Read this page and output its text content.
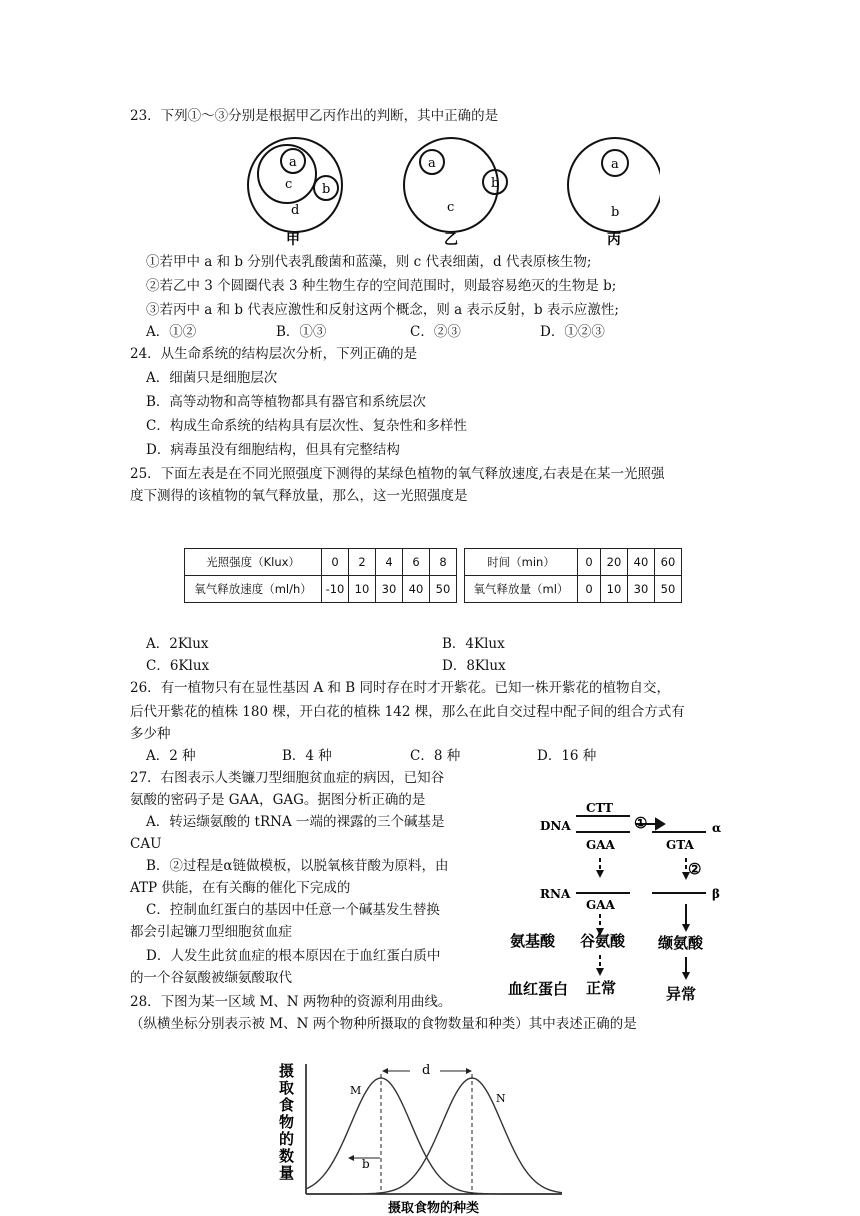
23．下列①～③分别是根据甲乙丙作出的判断，其中正确的是
a
c b
d
甲
a
c
b
乙
a
b
丙
①若甲中 a 和 b 分别代表乳酸菌和蓝藻，则 c 代表细菌，d 代表原核生物;
②若乙中 3 个圆圈代表 3 种生物生存的空间范围时，则最容易绝灭的生物是 b;
③若丙中 a 和 b 代表应激性和反射这两个概念，则 a 表示反射，b 表示应激性;
A．①②	B．①③	C．②③	D．①②③
24．从生命系统的结构层次分析，下列正确的是
A．细菌只是细胞层次
B．高等动物和高等植物都具有器官和系统层次
C．构成生命系统的结构具有层次性、复杂性和多样性
D．病毒虽没有细胞结构，但具有完整结构
25．下面左表是在不同光照强度下测得的某绿色植物的氧气释放速度,右表是在某一光照强
度下测得的该植物的氧气释放量，那么，这一光照强度是
光照强度（Klux）	0	2	4	6	8
氧气释放速度（ml/h）	-10	10	30	40	50
时间（min）	0	20	40	60
氧气释放量（ml）	0	10	30	50
A．2Klux	B．4Klux
C．6Klux	D．8Klux
26．有一植物只有在显性基因 A 和 B 同时存在时才开紫花。已知一株开紫花的植物自交，
后代开紫花的植株 180 棵，开白花的植株 142 棵，那么在此自交过程中配子间的组合方式有
多少种
A．2 种	B．4 种	C．8 种	D．16 种
27．右图表示人类镰刀型细胞贫血症的病因，已知谷
氨酸的密码子是 GAA，GAG。据图分析正确的是
A．转运缬氨酸的 tRNA 一端的裸露的三个碱基是
CAU
B．②过程是α链做模板，以脱氧核苷酸为原料，由
ATP 供能，在有关酶的催化下完成的
C．控制血红蛋白的基因中任意一个碱基发生替换
都会引起镰刀型细胞贫血症
D．人发生此贫血症的根本原因在于血红蛋白质中
的一个谷氨酸被缬氨酸取代
CTT
DNA
GAA
①	α
GTA
②
RNA	β
GAA
氨基酸 谷氨酸 缬氨酸
血红蛋白 正常	异常
28．下图为某一区域 M、N 两物种的资源利用曲线。
（纵横坐标分别表示被 M、N 两个物种所摄取的食物数量和种类）其中表述正确的是
摄
取
食
物
的
数
量
d
b
M
N
摄取食物的种类
